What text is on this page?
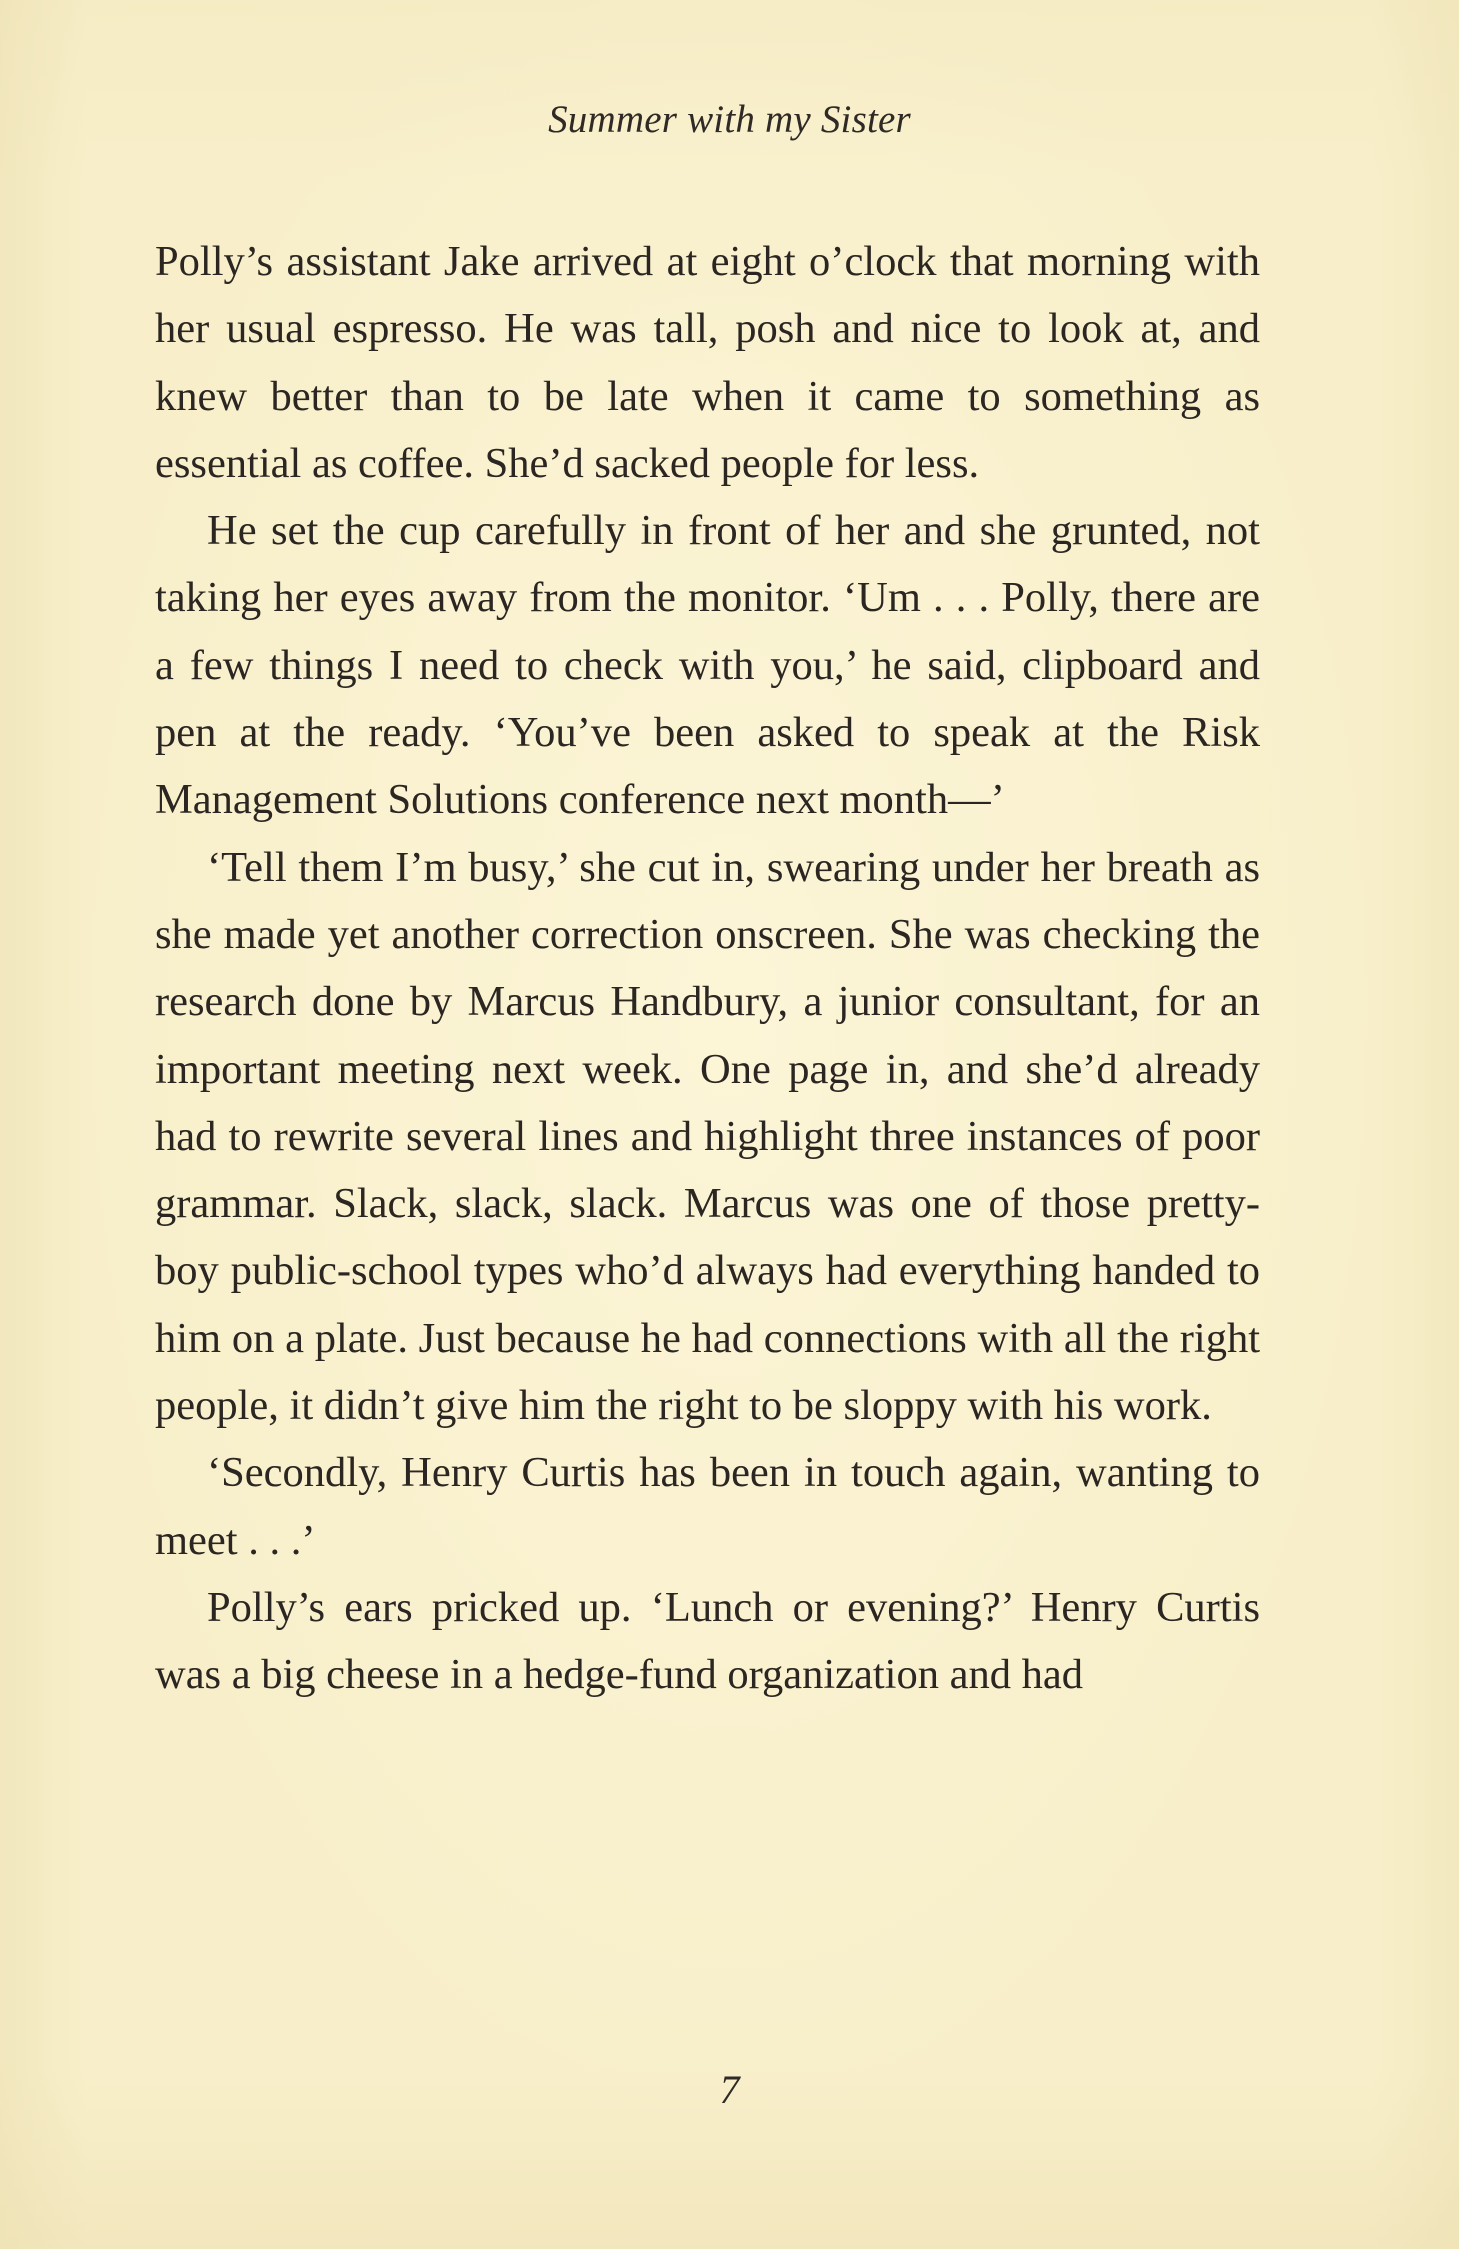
Summer with my Sister

Polly’s assistant Jake arrived at eight o’clock that morning with her usual espresso. He was tall, posh and nice to look at, and knew better than to be late when it came to something as essential as coffee. She’d sacked people for less.

He set the cup carefully in front of her and she grunted, not taking her eyes away from the monitor. ‘Um . . . Polly, there are a few things I need to check with you,’ he said, clipboard and pen at the ready. ‘You’ve been asked to speak at the Risk Management Solutions conference next month—’

‘Tell them I’m busy,’ she cut in, swearing under her breath as she made yet another correction onscreen. She was checking the research done by Marcus Handbury, a junior consultant, for an important meeting next week. One page in, and she’d already had to rewrite several lines and highlight three instances of poor grammar. Slack, slack, slack. Marcus was one of those pretty-boy public-school types who’d always had everything handed to him on a plate. Just because he had connections with all the right people, it didn’t give him the right to be sloppy with his work.

‘Secondly, Henry Curtis has been in touch again, wanting to meet . . .’

Polly’s ears pricked up. ‘Lunch or evening?’ Henry Curtis was a big cheese in a hedge-fund organization and had

7
